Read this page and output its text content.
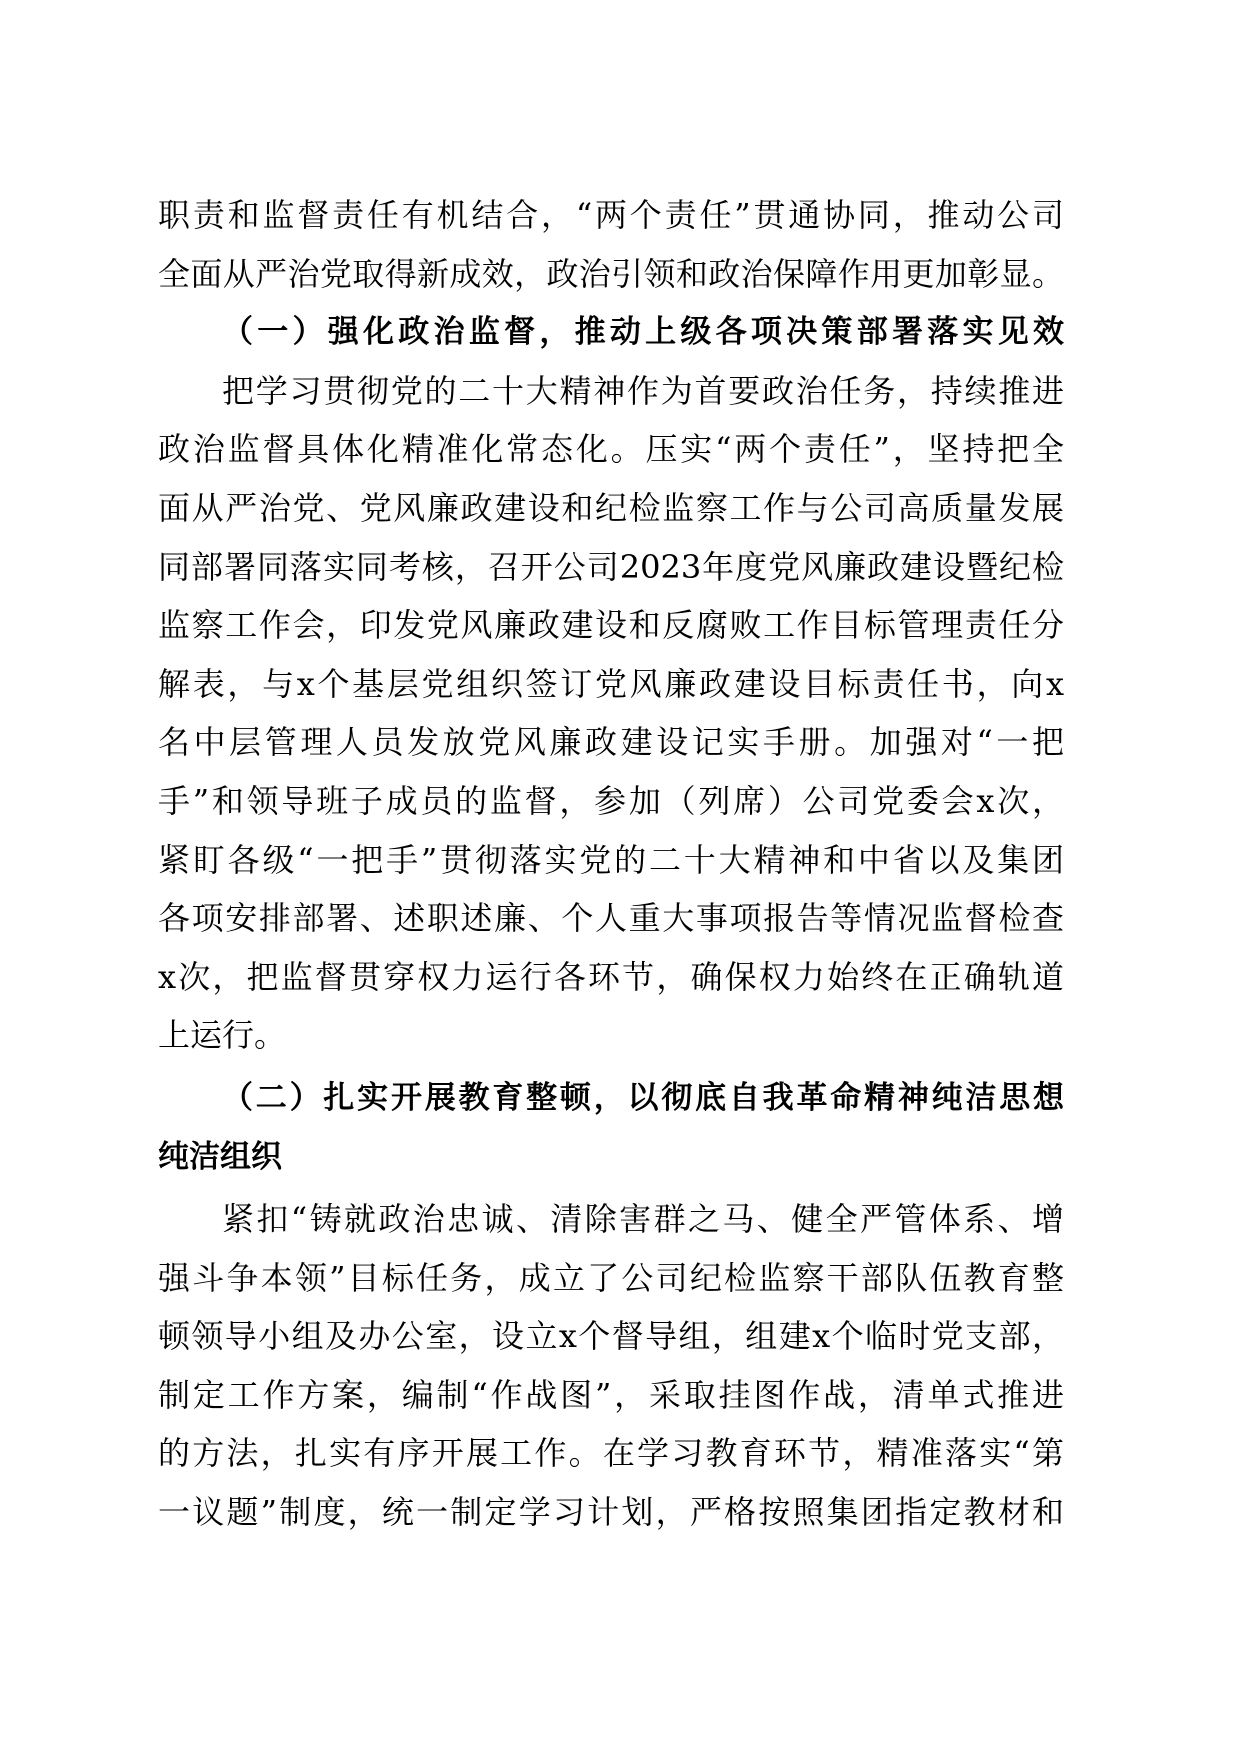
职责和监督责任有机结合，“两个责任”贯通协同，推动公司
全面从严治党取得新成效，政治引领和政治保障作用更加彰显。
（一）强化政治监督，推动上级各项决策部署落实见效
把学习贯彻党的二十大精神作为首要政治任务，持续推进
政治监督具体化精准化常态化。压实“两个责任”，坚持把全
面从严治党、党风廉政建设和纪检监察工作与公司高质量发展
同部署同落实同考核，召开公司2023年度党风廉政建设暨纪检
监察工作会，印发党风廉政建设和反腐败工作目标管理责任分
解表，与x个基层党组织签订党风廉政建设目标责任书，向x
名中层管理人员发放党风廉政建设记实手册。加强对“一把
手”和领导班子成员的监督，参加（列席）公司党委会x次，
紧盯各级“一把手”贯彻落实党的二十大精神和中省以及集团
各项安排部署、述职述廉、个人重大事项报告等情况监督检查
x次，把监督贯穿权力运行各环节，确保权力始终在正确轨道
上运行。
（二）扎实开展教育整顿，以彻底自我革命精神纯洁思想
纯洁组织
紧扣“铸就政治忠诚、清除害群之马、健全严管体系、增
强斗争本领”目标任务，成立了公司纪检监察干部队伍教育整
顿领导小组及办公室，设立x个督导组，组建x个临时党支部，
制定工作方案，编制“作战图”，采取挂图作战，清单式推进
的方法，扎实有序开展工作。在学习教育环节，精准落实“第
一议题”制度，统一制定学习计划，严格按照集团指定教材和
